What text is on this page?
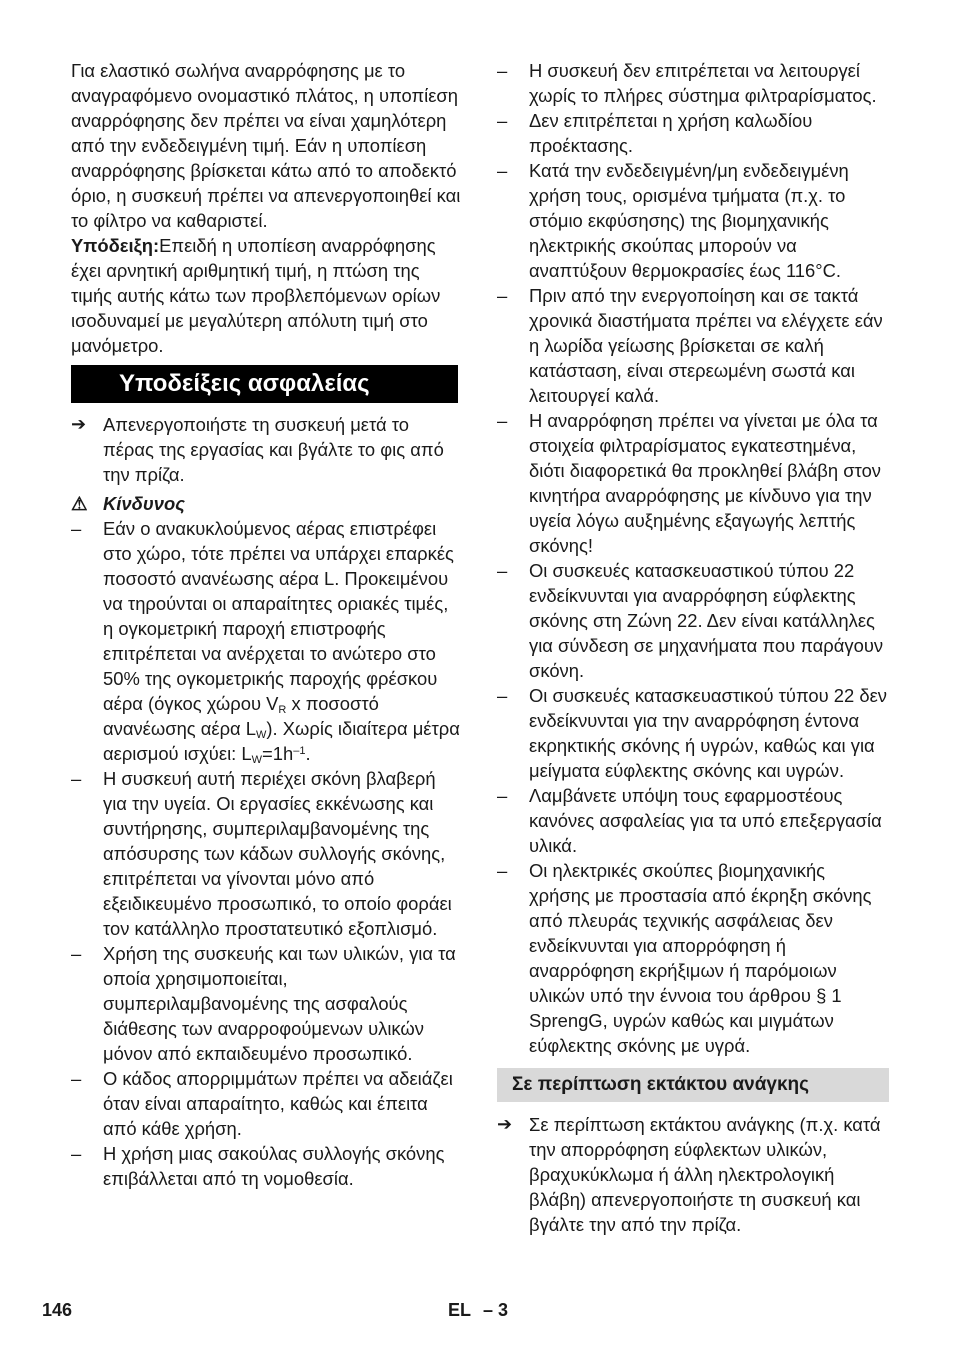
Για ελαστικό σωλήνα αναρρόφησης με το αναγραφόμενο ονομαστικό πλάτος, η υποπίεση αναρρόφησης δεν πρέπει να είναι χαμηλότερη από την ενδεδειγμένη τιμή. Εάν η υποπίεση αναρρόφησης βρίσκεται κάτω από το αποδεκτό όριο, η συσκευή πρέπει να απενεργοποιηθεί και το φίλτρο να καθαριστεί.

Υπόδειξη:Επειδή η υποπίεση αναρρόφησης έχει αρνητική αριθμητική τιμή, η πτώση της τιμής αυτής κάτω των προβλεπόμενων ορίων ισοδυναμεί με μεγαλύτερη απόλυτη τιμή στο μανόμετρο.

Υποδείξεις ασφαλείας
➔ Απενεργοποιήστε τη συσκευή μετά το πέρας της εργασίας και βγάλτε το φις από την πρίζα.
⚠ Κίνδυνος
– Εάν ο ανακυκλούμενος αέρας επιστρέφει στο χώρο, τότε πρέπει να υπάρχει επαρκές ποσοστό ανανέωσης αέρα L. Προκειμένου να τηρούνται οι απαραίτητες οριακές τιμές, η ογκομετρική παροχή επιστροφής επιτρέπεται να ανέρχεται το ανώτερο στο 50% της ογκομετρικής παροχής φρέσκου αέρα (όγκος χώρου $V_R$ x ποσοστό ανανέωσης αέρα $L_W$). Χωρίς ιδιαίτερα μέτρα αερισμού ισχύει: $L_W=1h^{-1}$.
– Η συσκευή αυτή περιέχει σκόνη βλαβερή για την υγεία. Οι εργασίες εκκένωσης και συντήρησης, συμπεριλαμβανομένης της απόσυρσης των κάδων συλλογής σκόνης, επιτρέπεται να γίνονται μόνο από εξειδικευμένο προσωπικό, το οποίο φοράει τον κατάλληλο προστατευτικό εξοπλισμό.
– Χρήση της συσκευής και των υλικών, για τα οποία χρησιμοποιείται, συμπεριλαμβανομένης της ασφαλούς διάθεσης των αναρροφούμενων υλικών μόνον από εκπαιδευμένο προσωπικό.
– Ο κάδος απορριμμάτων πρέπει να αδειάζει όταν είναι απαραίτητο, καθώς και έπειτα από κάθε χρήση.
– Η χρήση μιας σακούλας συλλογής σκόνης επιβάλλεται από τη νομοθεσία.
– Η συσκευή δεν επιτρέπεται να λειτουργεί χωρίς το πλήρες σύστημα φιλτραρίσματος.
– Δεν επιτρέπεται η χρήση καλωδίου προέκτασης.
– Κατά την ενδεδειγμένη/μη ενδεδειγμένη χρήση τους, ορισμένα τμήματα (π.χ. το στόμιο εκφύσησης) της βιομηχανικής ηλεκτρικής σκούπας μπορούν να αναπτύξουν θερμοκρασίες έως 116°C.
– Πριν από την ενεργοποίηση και σε τακτά χρονικά διαστήματα πρέπει να ελέγχετε εάν η λωρίδα γείωσης βρίσκεται σε καλή κατάσταση, είναι στερεωμένη σωστά και λειτουργεί καλά.
– Η αναρρόφηση πρέπει να γίνεται με όλα τα στοιχεία φιλτραρίσματος εγκατεστημένα, διότι διαφορετικά θα προκληθεί βλάβη στον κινητήρα αναρρόφησης με κίνδυνο για την υγεία λόγω αυξημένης εξαγωγής λεπτής σκόνης!
– Οι συσκευές κατασκευαστικού τύπου 22 ενδείκνυνται για αναρρόφηση εύφλεκτης σκόνης στη Ζώνη 22. Δεν είναι κατάλληλες για σύνδεση σε μηχανήματα που παράγουν σκόνη.
– Οι συσκευές κατασκευαστικού τύπου 22 δεν ενδείκνυνται για την αναρρόφηση έντονα εκρηκτικής σκόνης ή υγρών, καθώς και για μείγματα εύφλεκτης σκόνης και υγρών.
– Λαμβάνετε υπόψη τους εφαρμοστέους κανόνες ασφαλείας για τα υπό επεξεργασία υλικά.
– Οι ηλεκτρικές σκούπες βιομηχανικής χρήσης με προστασία από έκρηξη σκόνης από πλευράς τεχνικής ασφάλειας δεν ενδείκνυνται για απορρόφηση ή αναρρόφηση εκρήξιμων ή παρόμοιων υλικών υπό την έννοια του άρθρου § 1 SprengG, υγρών καθώς και μιγμάτων εύφλεκτης σκόνης με υγρά.
Σε περίπτωση εκτάκτου ανάγκης
➔ Σε περίπτωση εκτάκτου ανάγκης (π.χ. κατά την απορρόφηση εύφλεκτων υλικών, βραχυκύκλωμα ή άλλη ηλεκτρολογική βλάβη) απενεργοποιήστε τη συσκευή και βγάλτε την από την πρίζα.
146	EL – 3
